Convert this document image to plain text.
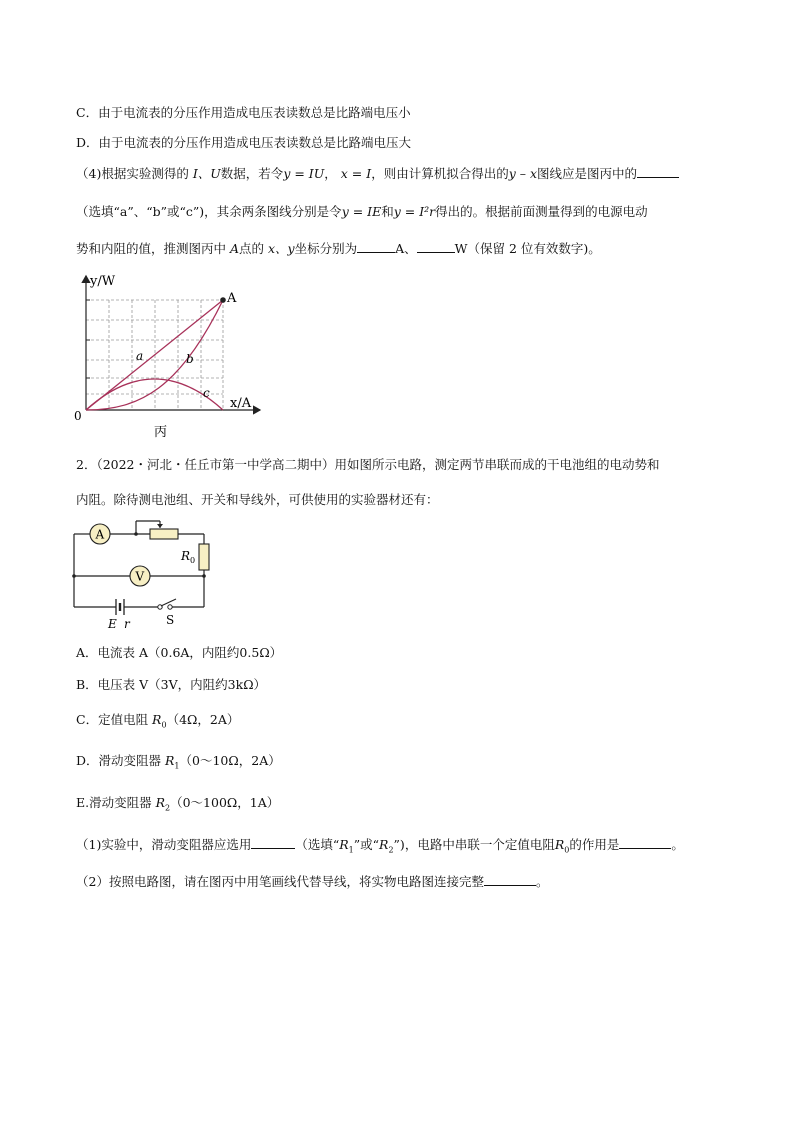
C．由于电流表的分压作用造成电压表读数总是比路端电压小
D．由于电流表的分压作用造成电压表读数总是比路端电压大
（4)根据实验测得的 I、U数据，若令y = IU， x = I，则由计算机拟合得出的y – x图线应是图丙中的
（选填“a”、“b”或“c”)，其余两条图线分别是令y = IE和y = I²r得出的。根据前面测量得到的电源电动
势和内阻的值，推测图丙中 A点的 x、y坐标分别为	A、	W（保留 2 位有效数字)。
y/W
x/A
0
A
a	b
c
丙
2．（2022・河北・任丘市第一中学高二期中）用如图所示电路，测定两节串联而成的干电池组的电动势和
内阻。除待测电池组、开关和导线外，可供使用的实验器材还有：
A
V
$R_0$
E r	S
A．电流表 A（0.6A，内阻约0.5Ω）
B．电压表 V（3V，内阻约3kΩ）
C．定值电阻 $R_0(4\Omega$，2A）
D．滑动变阻器 $R_1(0\sim 10\Omega$，2A）
E.滑动变阻器 $R_2(0\sim 100\Omega$，1A）
（1)实验中，滑动变阻器应选用	（选填“$R_1$”或“$R_2$”)，电路中串联一个定值电阻$R_0$的作用是	。
（2）按照电路图，请在图丙中用笔画线代替导线，将实物电路图连接完整	。
